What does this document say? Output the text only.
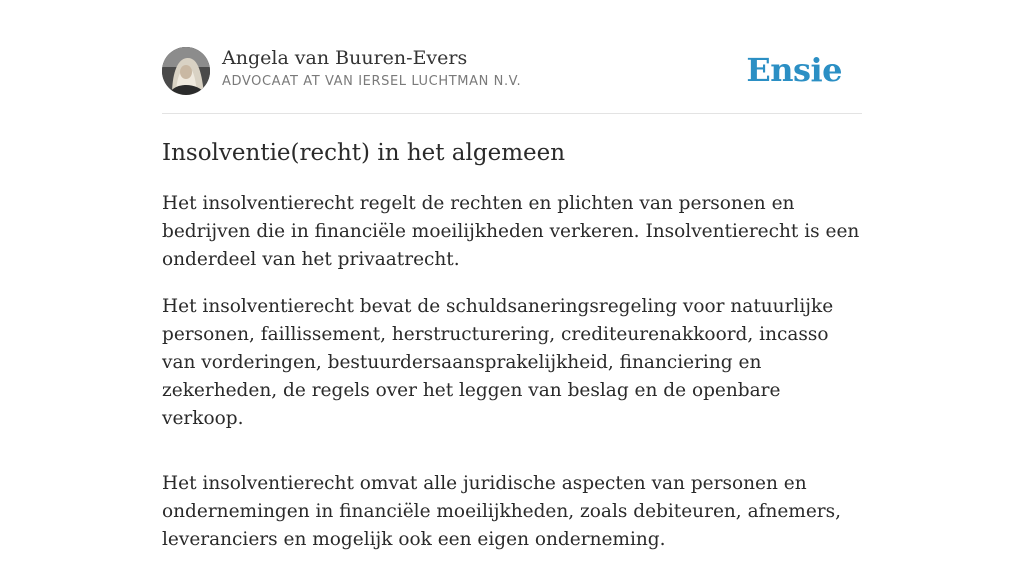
Angela van Buuren-Evers
ADVOCAAT AT VAN IERSEL LUCHTMAN N.V.	Ensie
Insolventie(recht) in het algemeen

Het insolventierecht regelt de rechten en plichten van personen en bedrijven die in financiële moeilijkheden verkeren. Insolventierecht is een onderdeel van het privaatrecht.

Het insolventierecht bevat de schuldsaneringsregeling voor natuurlijke personen, faillissement, herstructurering, crediteurenakkoord, incasso van vorderingen, bestuurdersaansprakelijkheid, financiering en zekerheden, de regels over het leggen van beslag en de openbare verkoop.

Het insolventierecht omvat alle juridische aspecten van personen en ondernemingen in financiële moeilijkheden, zoals debiteuren, afnemers, leveranciers en mogelijk ook een eigen onderneming.
